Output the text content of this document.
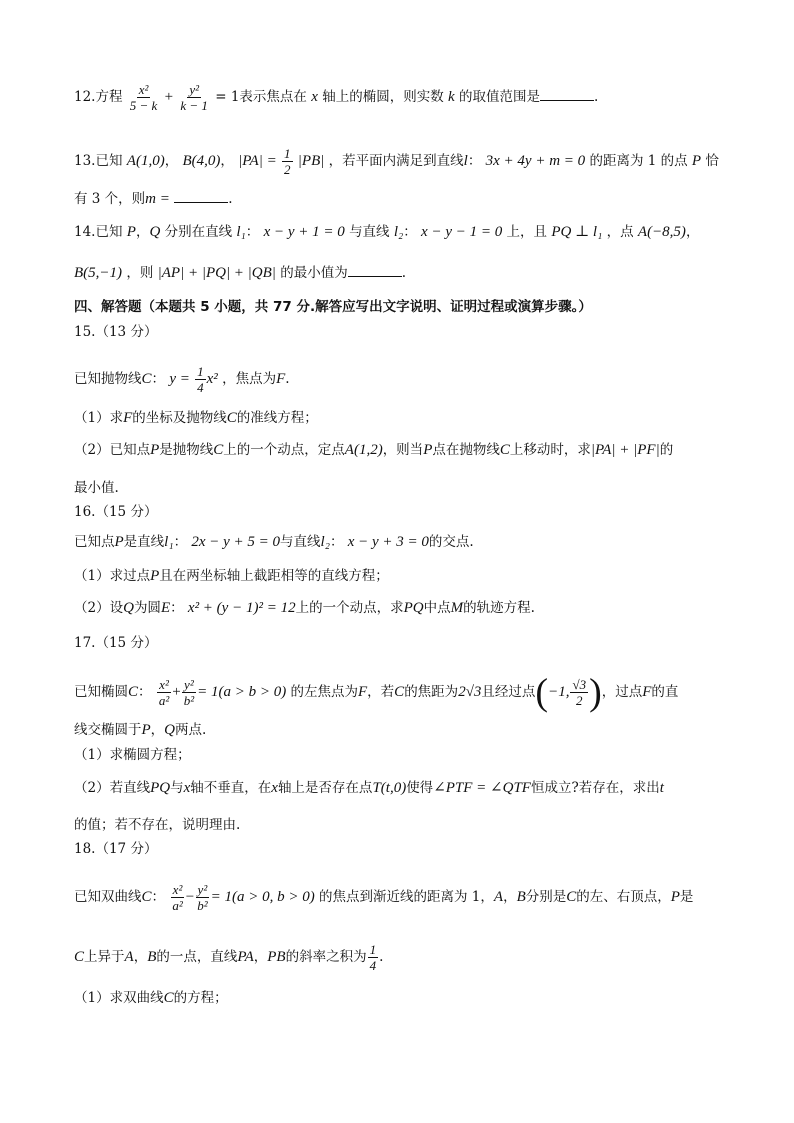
12.方程 $\frac{\text{x²}}{5 - k} + \frac{\text{y²}}{k - 1} = 1$表示焦点在 x 轴上的椭圆，则实数 k 的取值范围是	.
13.已知 A(1,0)， B(4,0)， $|PA| = \frac{1}{2} |PB|$ ，若平面内满足到直线l： 3x + 4y + m = 0 的距离为 1 的点 P 恰
有 3 个，则m =	.
14.已知 P，Q 分别在直线 l₁： x − y + 1 = 0 与直线 l₂： x − y − 1 = 0 上，且 PQ ⊥ l₁ ，点 A(−8,5)，
B(5,−1) ，则 |AP| + |PQ| + |QB| 的最小值为	.
四、解答题（本题共 5 小题，共 77 分.解答应写出文字说明、证明过程或演算步骤。）
15.（13 分）
已知抛物线C： $y = \frac{1}{4} x^2$ ，焦点为F.
（1）求F的坐标及抛物线C的准线方程；
（2）已知点P是抛物线C上的一个动点，定点A(1,2)，则当P点在抛物线C上移动时，求|PA| + |PF|的
最小值.
16.（15 分）
已知点P是直线l₁： 2x − y + 5 = 0与直线l₂： x − y + 3 = 0的交点.
（1）求过点P且在两坐标轴上截距相等的直线方程；
（2）设Q为圆E： x² + (y − 1)² = 12上的一个动点，求PQ中点M的轨迹方程.
17.（15 分）
已知椭圆C： $\frac{\text{x²}}{\text{a²}} + \frac{\text{y²}}{\text{b²}} = 1(a > b > 0)$ 的左焦点为F，若C的焦距为2√3且经过点(−1, $\frac{√3}{2}$ )，过点F的直
线交椭圆于P，Q两点.
（1）求椭圆方程；
（2）若直线PQ与x轴不垂直，在x轴上是否存在点T(t,0)使得∠PTF = ∠QTF恒成立?若存在，求出t
的值；若不存在，说明理由.
18.（17 分）
已知双曲线C： $\frac{\text{x²}}{\text{a²}} - \frac{\text{y²}}{\text{b²}} = 1(a > 0$, b > 0) 的焦点到渐近线的距离为 1，A，B分别是C的左、右顶点，P是
C上异于A，B的一点，直线PA，PB的斜率之积为 $\frac{1}{4}$ .
（1）求双曲线C的方程；
